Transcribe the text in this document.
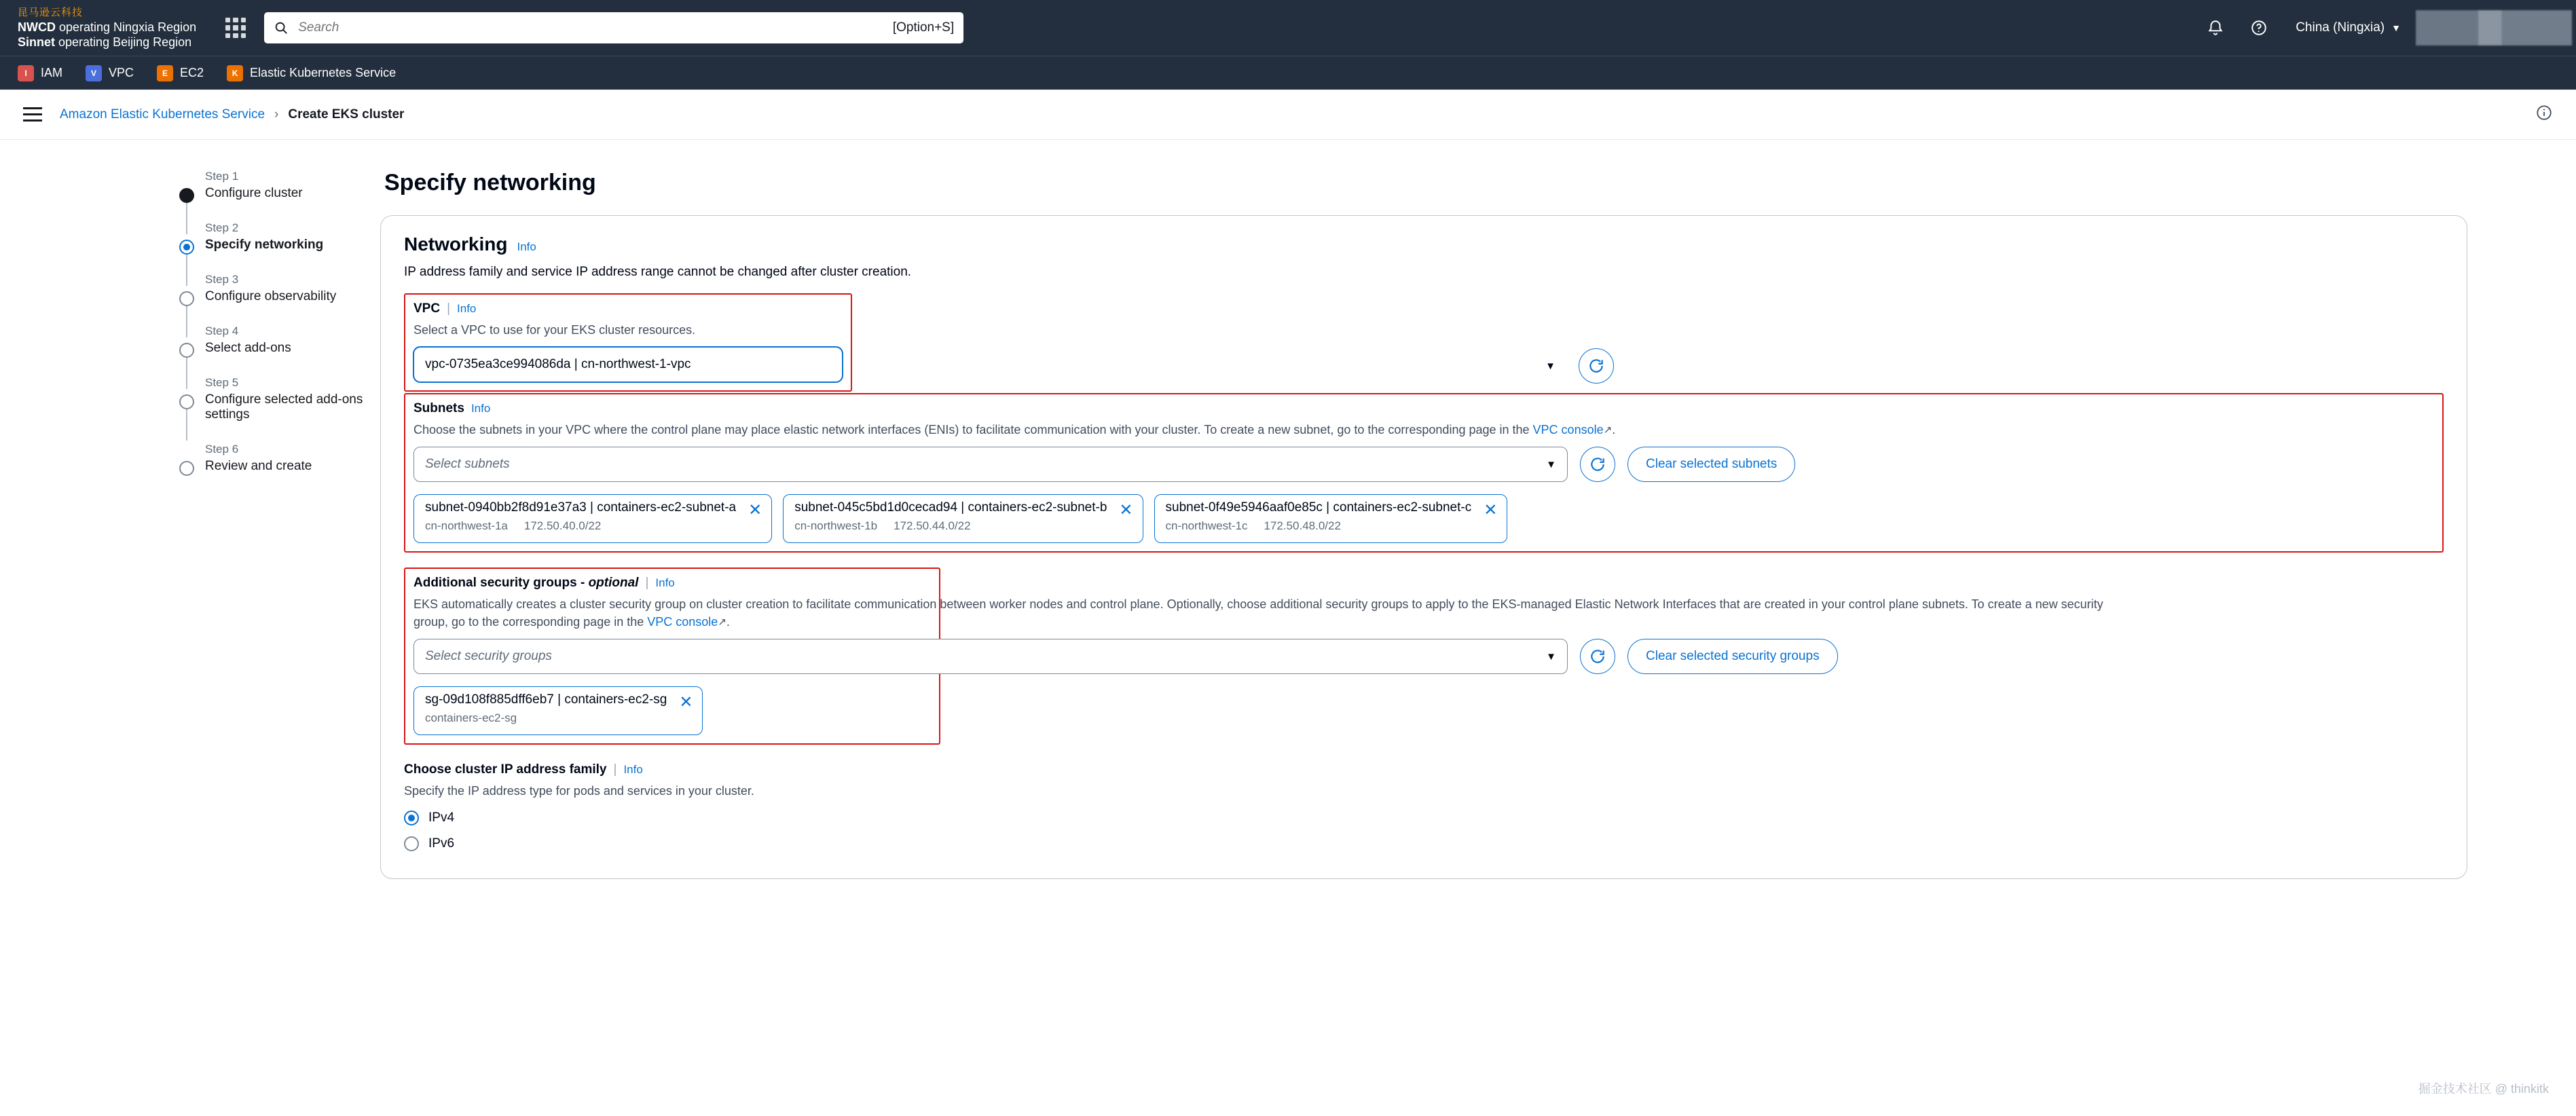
昆马逊云科技
NWCD operating Ningxia Region
Sinnet operating Beijing Region
Search
[Option+S]	China (Ningxia) ▼
I	IAM	V	VPC	E	EC2	K Elastic Kubernetes Service
Amazon Elastic Kubernetes Service › Create EKS cluster
Step 1
Configure cluster
Step 2
Specify networking
Step 3
Configure observability
Step 4
Select add-ons
Step 5
Configure selected add-ons settings
Step 6
Review and create
Specify networking
Networking Info
IP address family and service IP address range cannot be changed after cluster creation.
VPC | Info
Select a VPC to use for your EKS cluster resources.
vpc-0735ea3ce994086da | cn-northwest-1-vpc	▼
Subnets Info
Choose the subnets in your VPC where the control plane may place elastic network interfaces (ENIs) to facilitate communication with your cluster. To create a new subnet, go to the corresponding page in the VPC console↗.
Select subnets	▼	Clear selected subnets
subnet-0940bb2f8d91e37a3 | containers-ec2-subnet-a
cn-northwest-1a 172.50.40.0/22
✕	subnet-045c5bd1d0cecad94 | containers-ec2-subnet-b
cn-northwest-1b 172.50.44.0/22
✕	subnet-0f49e5946aaf0e85c | containers-ec2-subnet-c
cn-northwest-1c 172.50.48.0/22
✕
Additional security groups - optional | Info
EKS automatically creates a cluster security group on cluster creation to facilitate communication between worker nodes and control plane. Optionally, choose additional security groups to apply to the EKS-managed Elastic Network Interfaces that are created in your control plane subnets. To create a new security group, go to the corresponding page in the VPC console↗.
Select security groups	▼	Clear selected security groups
sg-09d108f885dff6eb7 | containers-ec2-sg
containers-ec2-sg
✕
Choose cluster IP address family | Info
Specify the IP address type for pods and services in your cluster.
IPv4
IPv6
掘金技术社区 @ thinkitk
